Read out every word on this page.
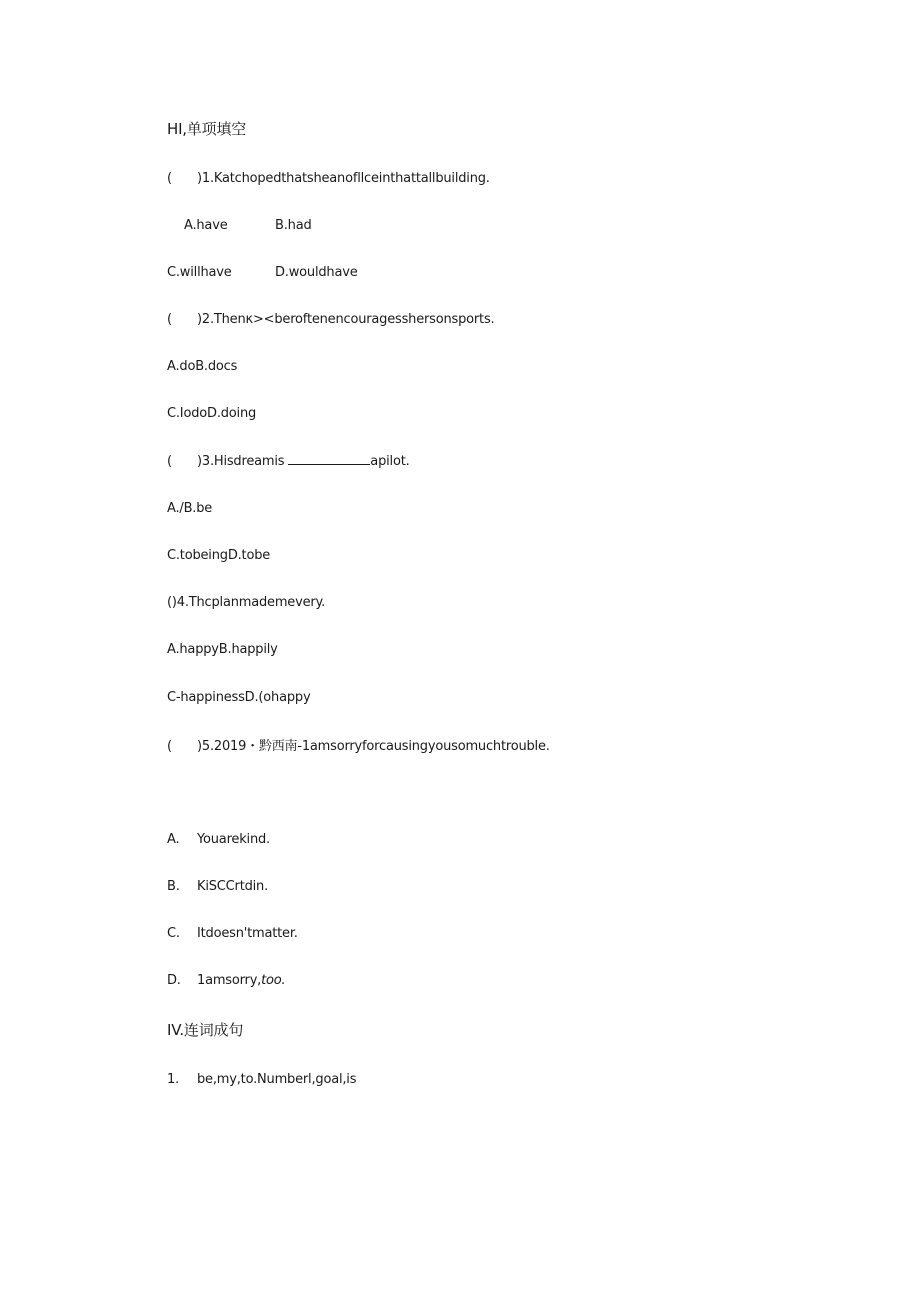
HI,单项填空
( )1.Katchopedthatsheanofllceinthattallbuilding.
A.have	B.had
C.willhave	D.wouldhave
( )2.Thenκ><beroftenencouragesshersonsports.
A.doB.docs
C.IodoD.doing
( )3.Hisdreamis	apilot.
A./B.be
C.tobeingD.tobe
()4.Thcplanmademevery.
A.happyB.happily
C-happinessD.(ohappy
( )5.2019・黔西南-1amsorryforcausingyousomuchtrouble.
A. Youarekind.
B. KiSCCrtdin.
C. Itdoesn'tmatter.
D. 1amsorry,too.
IV.连词成句
1. be,my,to.Numberl,goal,is
